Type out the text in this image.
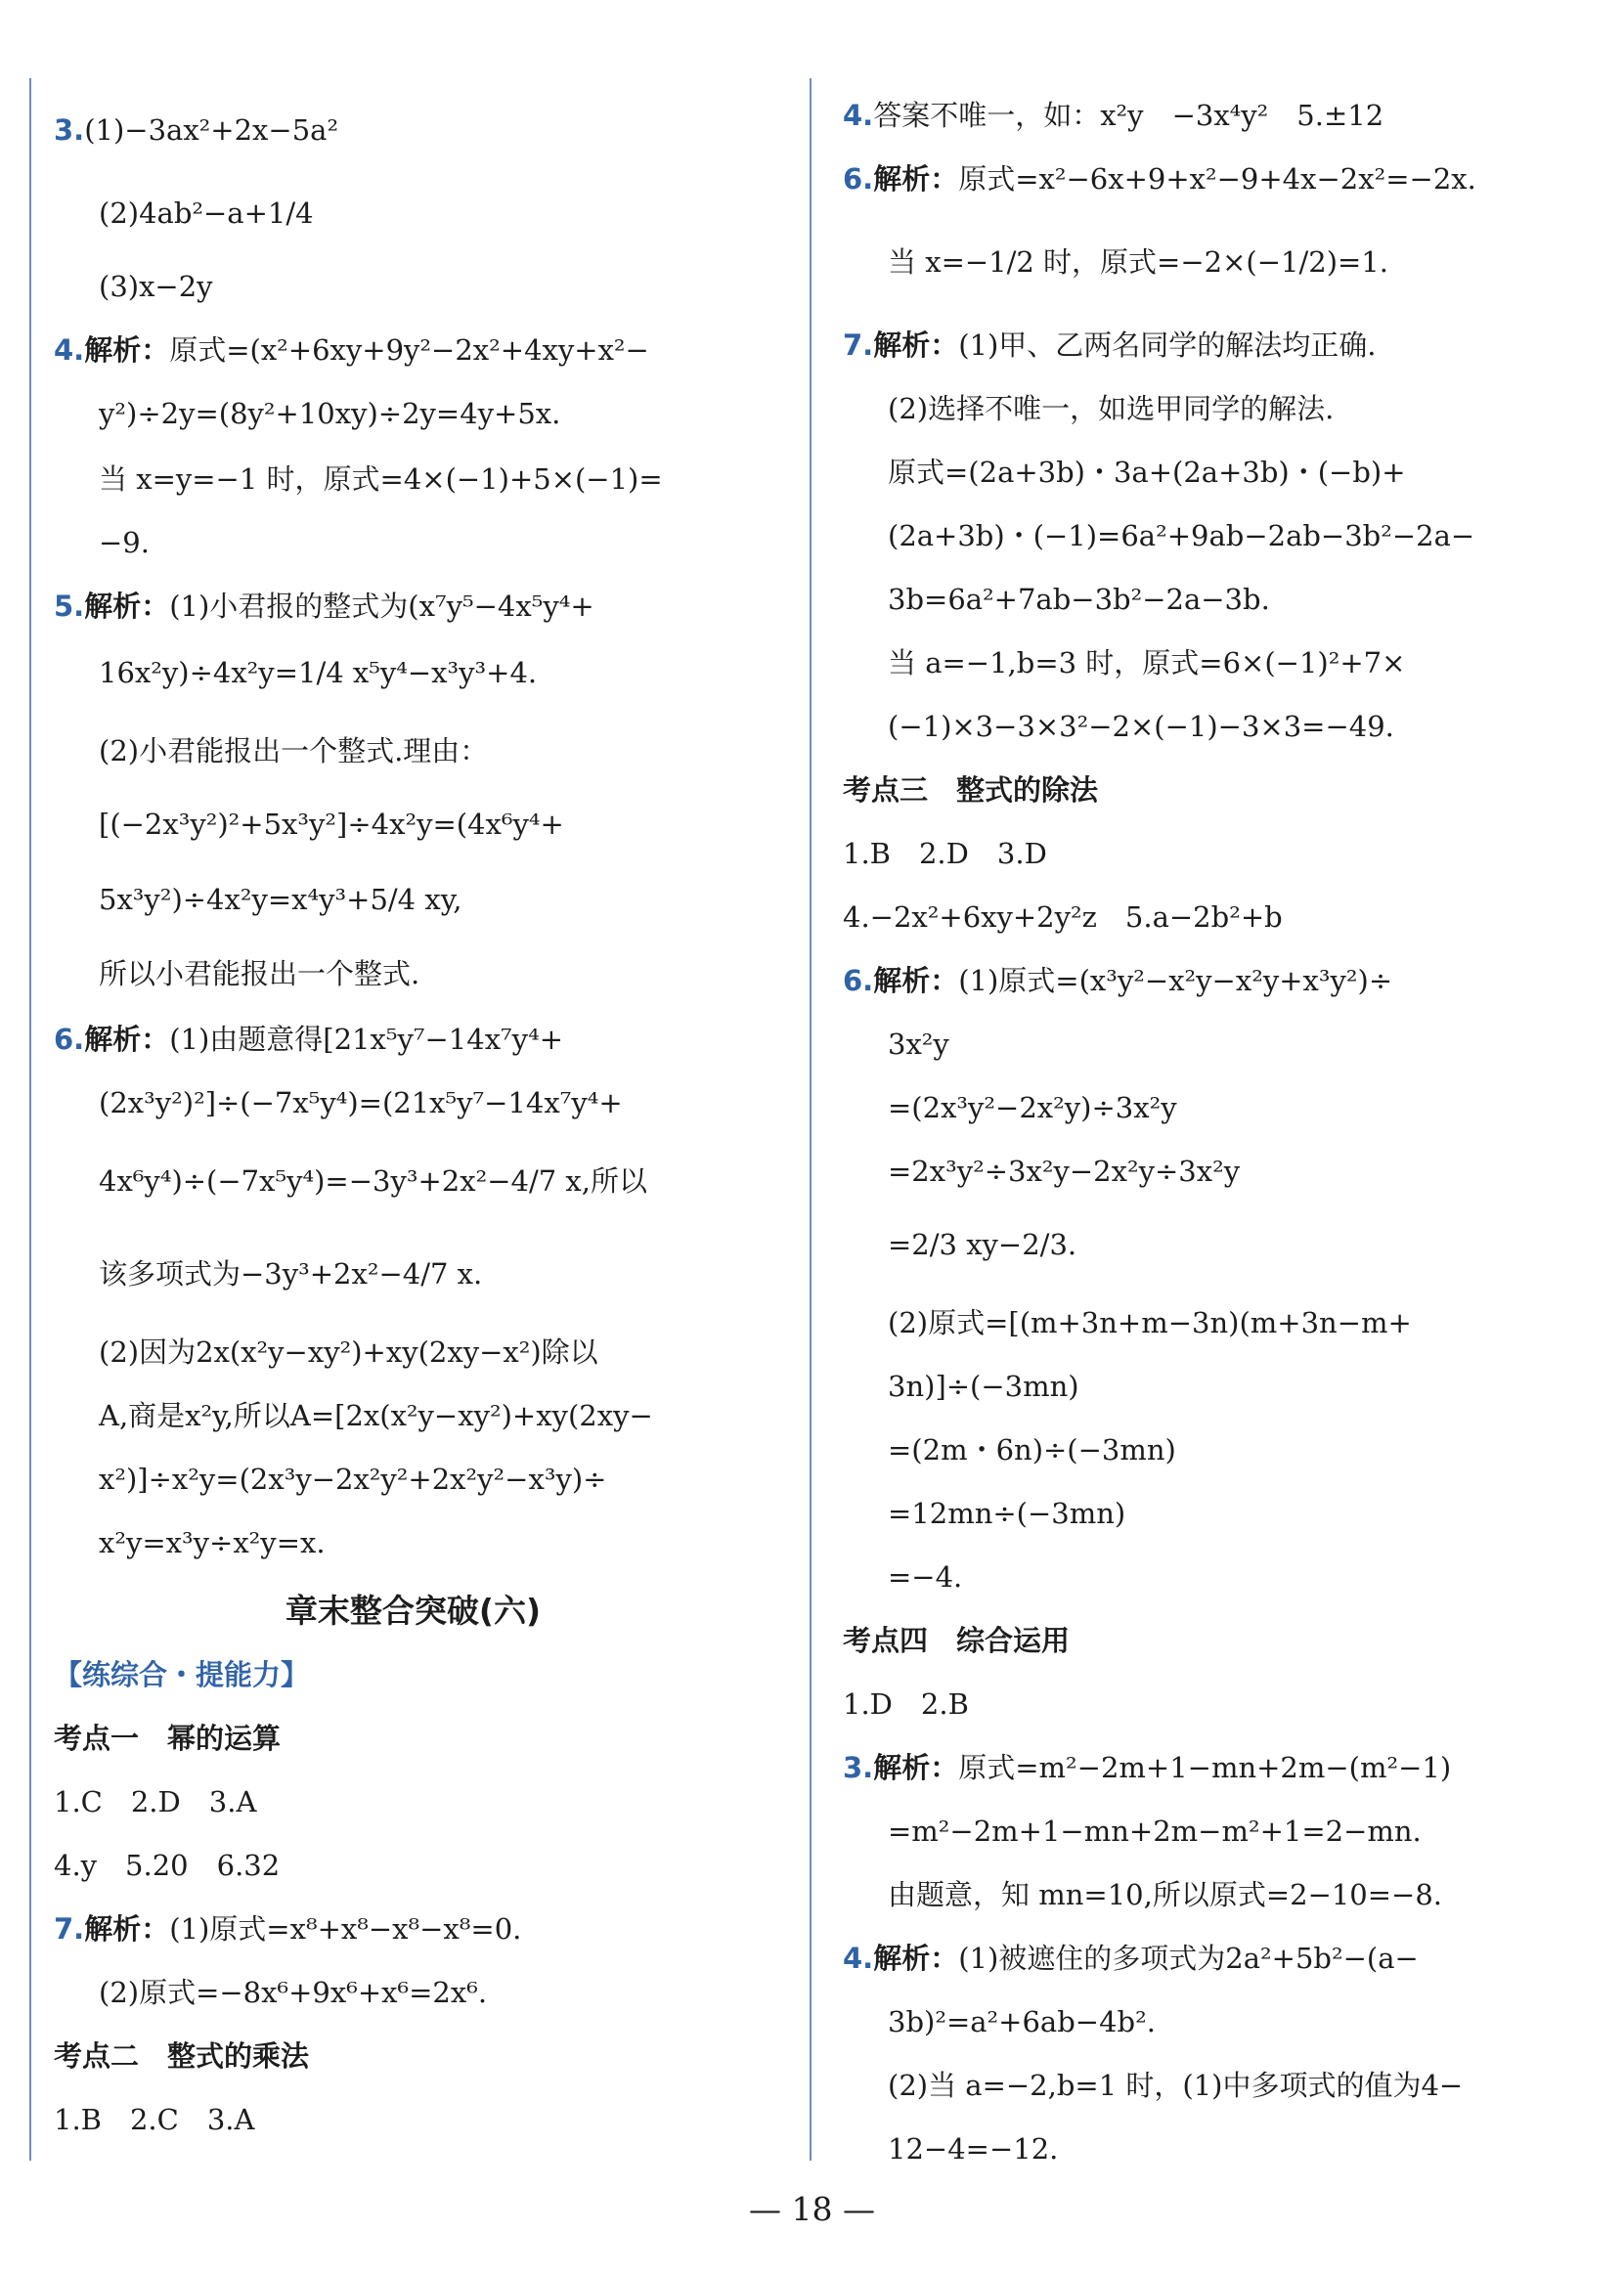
3.(1)−3ax²+2x−5a²
(2)4ab²−a+1/4
(3)x−2y
4.解析：原式=(x²+6xy+9y²−2x²+4xy+x²−
y²)÷2y=(8y²+10xy)÷2y=4y+5x.
当 x=y=−1 时，原式=4×(−1)+5×(−1)=
−9.
5.解析：(1)小君报的整式为(x⁷y⁵−4x⁵y⁴+
16x²y)÷4x²y=1/4 x⁵y⁴−x³y³+4.
(2)小君能报出一个整式.理由：
[(−2x³y²)²+5x³y²]÷4x²y=(4x⁶y⁴+
5x³y²)÷4x²y=x⁴y³+5/4 xy,
所以小君能报出一个整式.
6.解析：(1)由题意得[21x⁵y⁷−14x⁷y⁴+
(2x³y²)²]÷(−7x⁵y⁴)=(21x⁵y⁷−14x⁷y⁴+
4x⁶y⁴)÷(−7x⁵y⁴)=−3y³+2x²−4/7 x,所以
该多项式为−3y³+2x²−4/7 x.
(2)因为2x(x²y−xy²)+xy(2xy−x²)除以
A,商是x²y,所以A=[2x(x²y−xy²)+xy(2xy−
x²)]÷x²y=(2x³y−2x²y²+2x²y²−x³y)÷
x²y=x³y÷x²y=x.
章末整合突破(六)
【练综合・提能力】
考点一　幂的运算
1.C　2.D　3.A
4.y　5.20　6.32
7.解析：(1)原式=x⁸+x⁸−x⁸−x⁸=0.
(2)原式=−8x⁶+9x⁶+x⁶=2x⁶.
考点二　整式的乘法
1.B　2.C　3.A
4.答案不唯一，如：x²y　−3x⁴y²　5.±12
6.解析：原式=x²−6x+9+x²−9+4x−2x²=−2x.
当 x=−1/2 时，原式=−2×(−1/2)=1.
7.解析：(1)甲、乙两名同学的解法均正确.
(2)选择不唯一，如选甲同学的解法.
原式=(2a+3b)・3a+(2a+3b)・(−b)+
(2a+3b)・(−1)=6a²+9ab−2ab−3b²−2a−
3b=6a²+7ab−3b²−2a−3b.
当 a=−1,b=3 时，原式=6×(−1)²+7×
(−1)×3−3×3²−2×(−1)−3×3=−49.
考点三　整式的除法
1.B　2.D　3.D
4.−2x²+6xy+2y²z　5.a−2b²+b
6.解析：(1)原式=(x³y²−x²y−x²y+x³y²)÷
3x²y
=(2x³y²−2x²y)÷3x²y
=2x³y²÷3x²y−2x²y÷3x²y
=2/3 xy−2/3.
(2)原式=[(m+3n+m−3n)(m+3n−m+
3n)]÷(−3mn)
=(2m・6n)÷(−3mn)
=12mn÷(−3mn)
=−4.
考点四　综合运用
1.D　2.B
3.解析：原式=m²−2m+1−mn+2m−(m²−1)
=m²−2m+1−mn+2m−m²+1=2−mn.
由题意，知 mn=10,所以原式=2−10=−8.
4.解析：(1)被遮住的多项式为2a²+5b²−(a−
3b)²=a²+6ab−4b².
(2)当 a=−2,b=1 时，(1)中多项式的值为4−
12−4=−12.
— 18 —
